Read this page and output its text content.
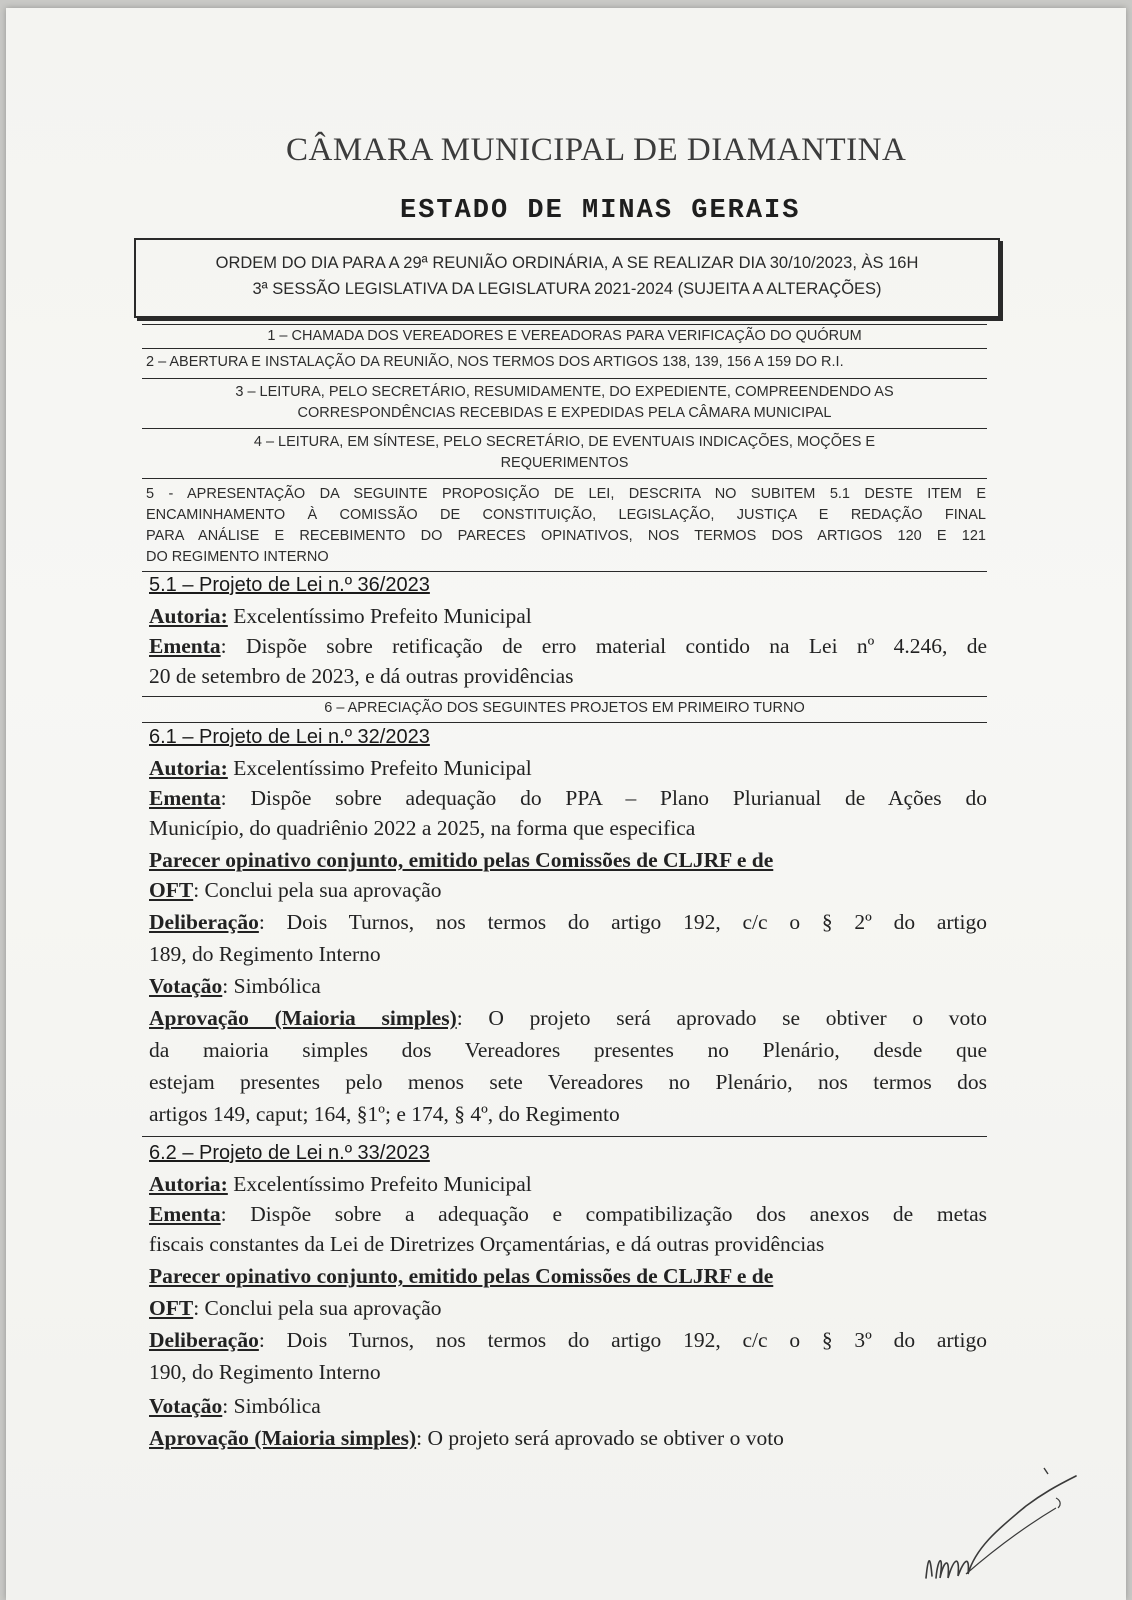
CÂMARA MUNICIPAL DE DIAMANTINA
ESTADO DE MINAS GERAIS
ORDEM DO DIA PARA A 29ª REUNIÃO ORDINÁRIA, A SE REALIZAR DIA 30/10/2023, ÀS 16H
3ª SESSÃO LEGISLATIVA DA LEGISLATURA 2021-2024 (SUJEITA A ALTERAÇÕES)
1 – CHAMADA DOS VEREADORES E VEREADORAS PARA VERIFICAÇÃO DO QUÓRUM
2 – ABERTURA E INSTALAÇÃO DA REUNIÃO, NOS TERMOS DOS ARTIGOS 138, 139, 156 A 159 DO R.I.
3 – LEITURA, PELO SECRETÁRIO, RESUMIDAMENTE, DO EXPEDIENTE, COMPREENDENDO AS
CORRESPONDÊNCIAS RECEBIDAS E EXPEDIDAS PELA CÂMARA MUNICIPAL
4 – LEITURA, EM SÍNTESE, PELO SECRETÁRIO, DE EVENTUAIS INDICAÇÕES, MOÇÕES E
REQUERIMENTOS
5 - APRESENTAÇÃO DA SEGUINTE PROPOSIÇÃO DE LEI, DESCRITA NO SUBITEM 5.1 DESTE ITEM E
ENCAMINHAMENTO À COMISSÃO DE CONSTITUIÇÃO, LEGISLAÇÃO, JUSTIÇA E REDAÇÃO FINAL
PARA ANÁLISE E RECEBIMENTO DO PARECES OPINATIVOS, NOS TERMOS DOS ARTIGOS 120 E 121
DO REGIMENTO INTERNO
5.1 – Projeto de Lei n.º 36/2023
Autoria: Excelentíssimo Prefeito Municipal
Ementa: Dispõe sobre retificação de erro material contido na Lei nº 4.246, de
20 de setembro de 2023, e dá outras providências
6 – APRECIAÇÃO DOS SEGUINTES PROJETOS EM PRIMEIRO TURNO
6.1 – Projeto de Lei n.º 32/2023
Autoria: Excelentíssimo Prefeito Municipal
Ementa: Dispõe sobre adequação do PPA – Plano Plurianual de Ações do
Município, do quadriênio 2022 a 2025, na forma que especifica
Parecer opinativo conjunto, emitido pelas Comissões de CLJRF e de
OFT: Conclui pela sua aprovação
Deliberação: Dois Turnos, nos termos do artigo 192, c/c o § 2º do artigo
189, do Regimento Interno
Votação: Simbólica
Aprovação (Maioria simples): O projeto será aprovado se obtiver o voto
da maioria simples dos Vereadores presentes no Plenário, desde que
estejam presentes pelo menos sete Vereadores no Plenário, nos termos dos
artigos 149, caput; 164, §1º; e 174, § 4º, do Regimento
6.2 – Projeto de Lei n.º 33/2023
Autoria: Excelentíssimo Prefeito Municipal
Ementa: Dispõe sobre a adequação e compatibilização dos anexos de metas
fiscais constantes da Lei de Diretrizes Orçamentárias, e dá outras providências
Parecer opinativo conjunto, emitido pelas Comissões de CLJRF e de
OFT: Conclui pela sua aprovação
Deliberação: Dois Turnos, nos termos do artigo 192, c/c o § 3º do artigo
190, do Regimento Interno
Votação: Simbólica
Aprovação (Maioria simples): O projeto será aprovado se obtiver o voto
